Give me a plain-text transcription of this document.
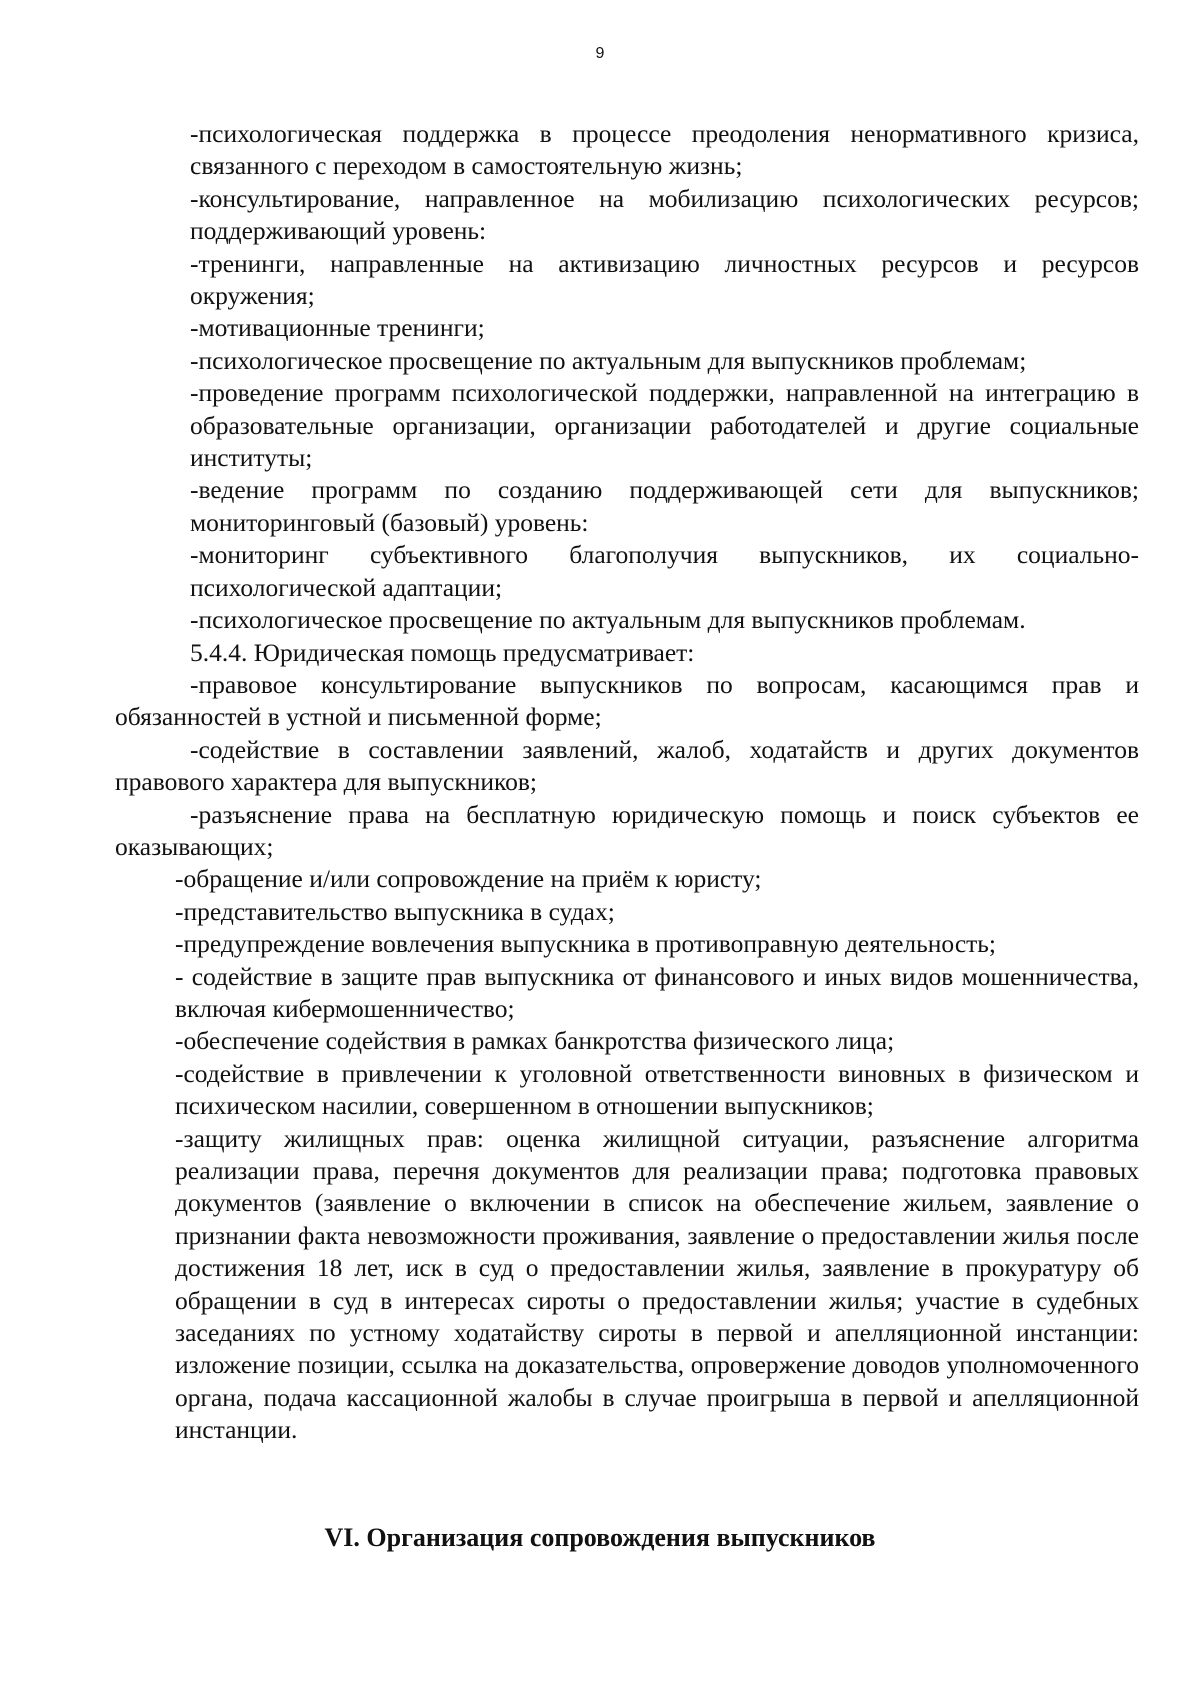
9

-психологическая поддержка в процессе преодоления ненормативного кризиса, связанного с переходом в самостоятельную жизнь;

-консультирование, направленное на мобилизацию психологических ресурсов; поддерживающий уровень:

-тренинги, направленные на активизацию личностных ресурсов и ресурсов окружения;

-мотивационные тренинги;

-психологическое просвещение по актуальным для выпускников проблемам;

-проведение программ психологической поддержки, направленной на интеграцию в образовательные организации, организации работодателей и другие социальные институты;

-ведение программ по созданию поддерживающей сети для выпускников; мониторинговый (базовый) уровень:

-мониторинг субъективного благополучия выпускников, их социально-психологической адаптации;

-психологическое просвещение по актуальным для выпускников проблемам.

5.4.4. Юридическая помощь предусматривает:

-правовое консультирование выпускников по вопросам, касающимся прав и обязанностей в устной и письменной форме;

-содействие в составлении заявлений, жалоб, ходатайств и других документов правового характера для выпускников;

-разъяснение права на бесплатную юридическую помощь и поиск субъектов ее оказывающих;

-обращение и/или сопровождение на приём к юристу;

-представительство выпускника в судах;

-предупреждение вовлечения выпускника в противоправную деятельность;

- содействие в защите прав выпускника от финансового и иных видов мошенничества, включая кибермошенничество;

-обеспечение содействия в рамках банкротства физического лица;

-содействие в привлечении к уголовной ответственности виновных в физическом и психическом насилии, совершенном в отношении выпускников;

-защиту жилищных прав: оценка жилищной ситуации, разъяснение алгоритма реализации права, перечня документов для реализации права; подготовка правовых документов (заявление о включении в список на обеспечение жильем, заявление о признании факта невозможности проживания, заявление о предоставлении жилья после достижения 18 лет, иск в суд о предоставлении жилья, заявление в прокуратуру об обращении в суд в интересах сироты о предоставлении жилья; участие в судебных заседаниях по устному ходатайству сироты в первой и апелляционной инстанции: изложение позиции, ссылка на доказательства, опровержение доводов уполномоченного органа, подача кассационной жалобы в случае проигрыша в первой и апелляционной инстанции.

VI. Организация сопровождения выпускников
